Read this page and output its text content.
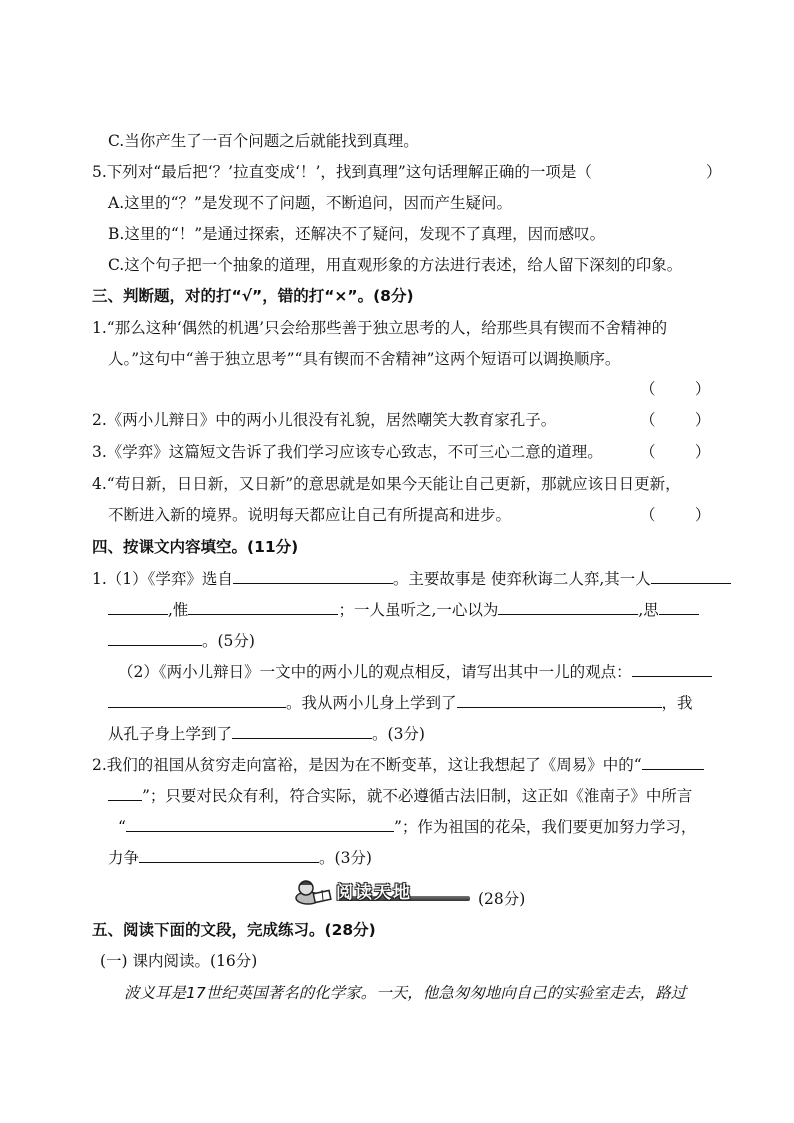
C.当你产生了一百个问题之后就能找到真理。
5.下列对“最后把‘？’拉直变成‘！’，找到真理”这句话理解正确的一项是（	）
A.这里的“？”是发现不了问题，不断追问，因而产生疑问。
B.这里的“！”是通过探索，还解决不了疑问，发现不了真理，因而感叹。
C.这个句子把一个抽象的道理，用直观形象的方法进行表述，给人留下深刻的印象。
三、判断题，对的打“√”，错的打“×”。(8分)
1.“那么这种‘偶然的机遇’只会给那些善于独立思考的人，给那些具有锲而不舍精神的
人。”这句中“善于独立思考”“具有锲而不舍精神”这两个短语可以调换顺序。
（        ）
2.《两小儿辩日》中的两小儿很没有礼貌，居然嘲笑大教育家孔子。	（        ）
3.《学弈》这篇短文告诉了我们学习应该专心致志，不可三心二意的道理。 （        ）
4.“苟日新，日日新，又日新”的意思就是如果今天能让自己更新，那就应该日日更新，
不断进入新的境界。说明每天都应让自己有所提高和进步。	（        ）
四、按课文内容填空。(11分)
1.（1）《学弈》选自	。主要故事是 使弈秋诲二人弈,其一人
,惟	；一人虽听之,一心以为	,思
。(5分)
（2）《两小儿辩日》一文中的两小儿的观点相反，请写出其中一儿的观点：
。我从两小儿身上学到了	，我
从孔子身上学到了	。(3分)
2.我们的祖国从贫穷走向富裕，是因为在不断变革，这让我想起了《周易》中的“
”；只要对民众有利，符合实际，就不必遵循古法旧制，这正如《淮南子》中所言
“	”；作为祖国的花朵，我们要更加努力学习，
力争	。(3分)
阅读天地	(28分)
五、阅读下面的文段，完成练习。(28分)
(一) 课内阅读。(16分)
波义耳是17世纪英国著名的化学家。一天，他急匆匆地向自己的实验室走去，路过
